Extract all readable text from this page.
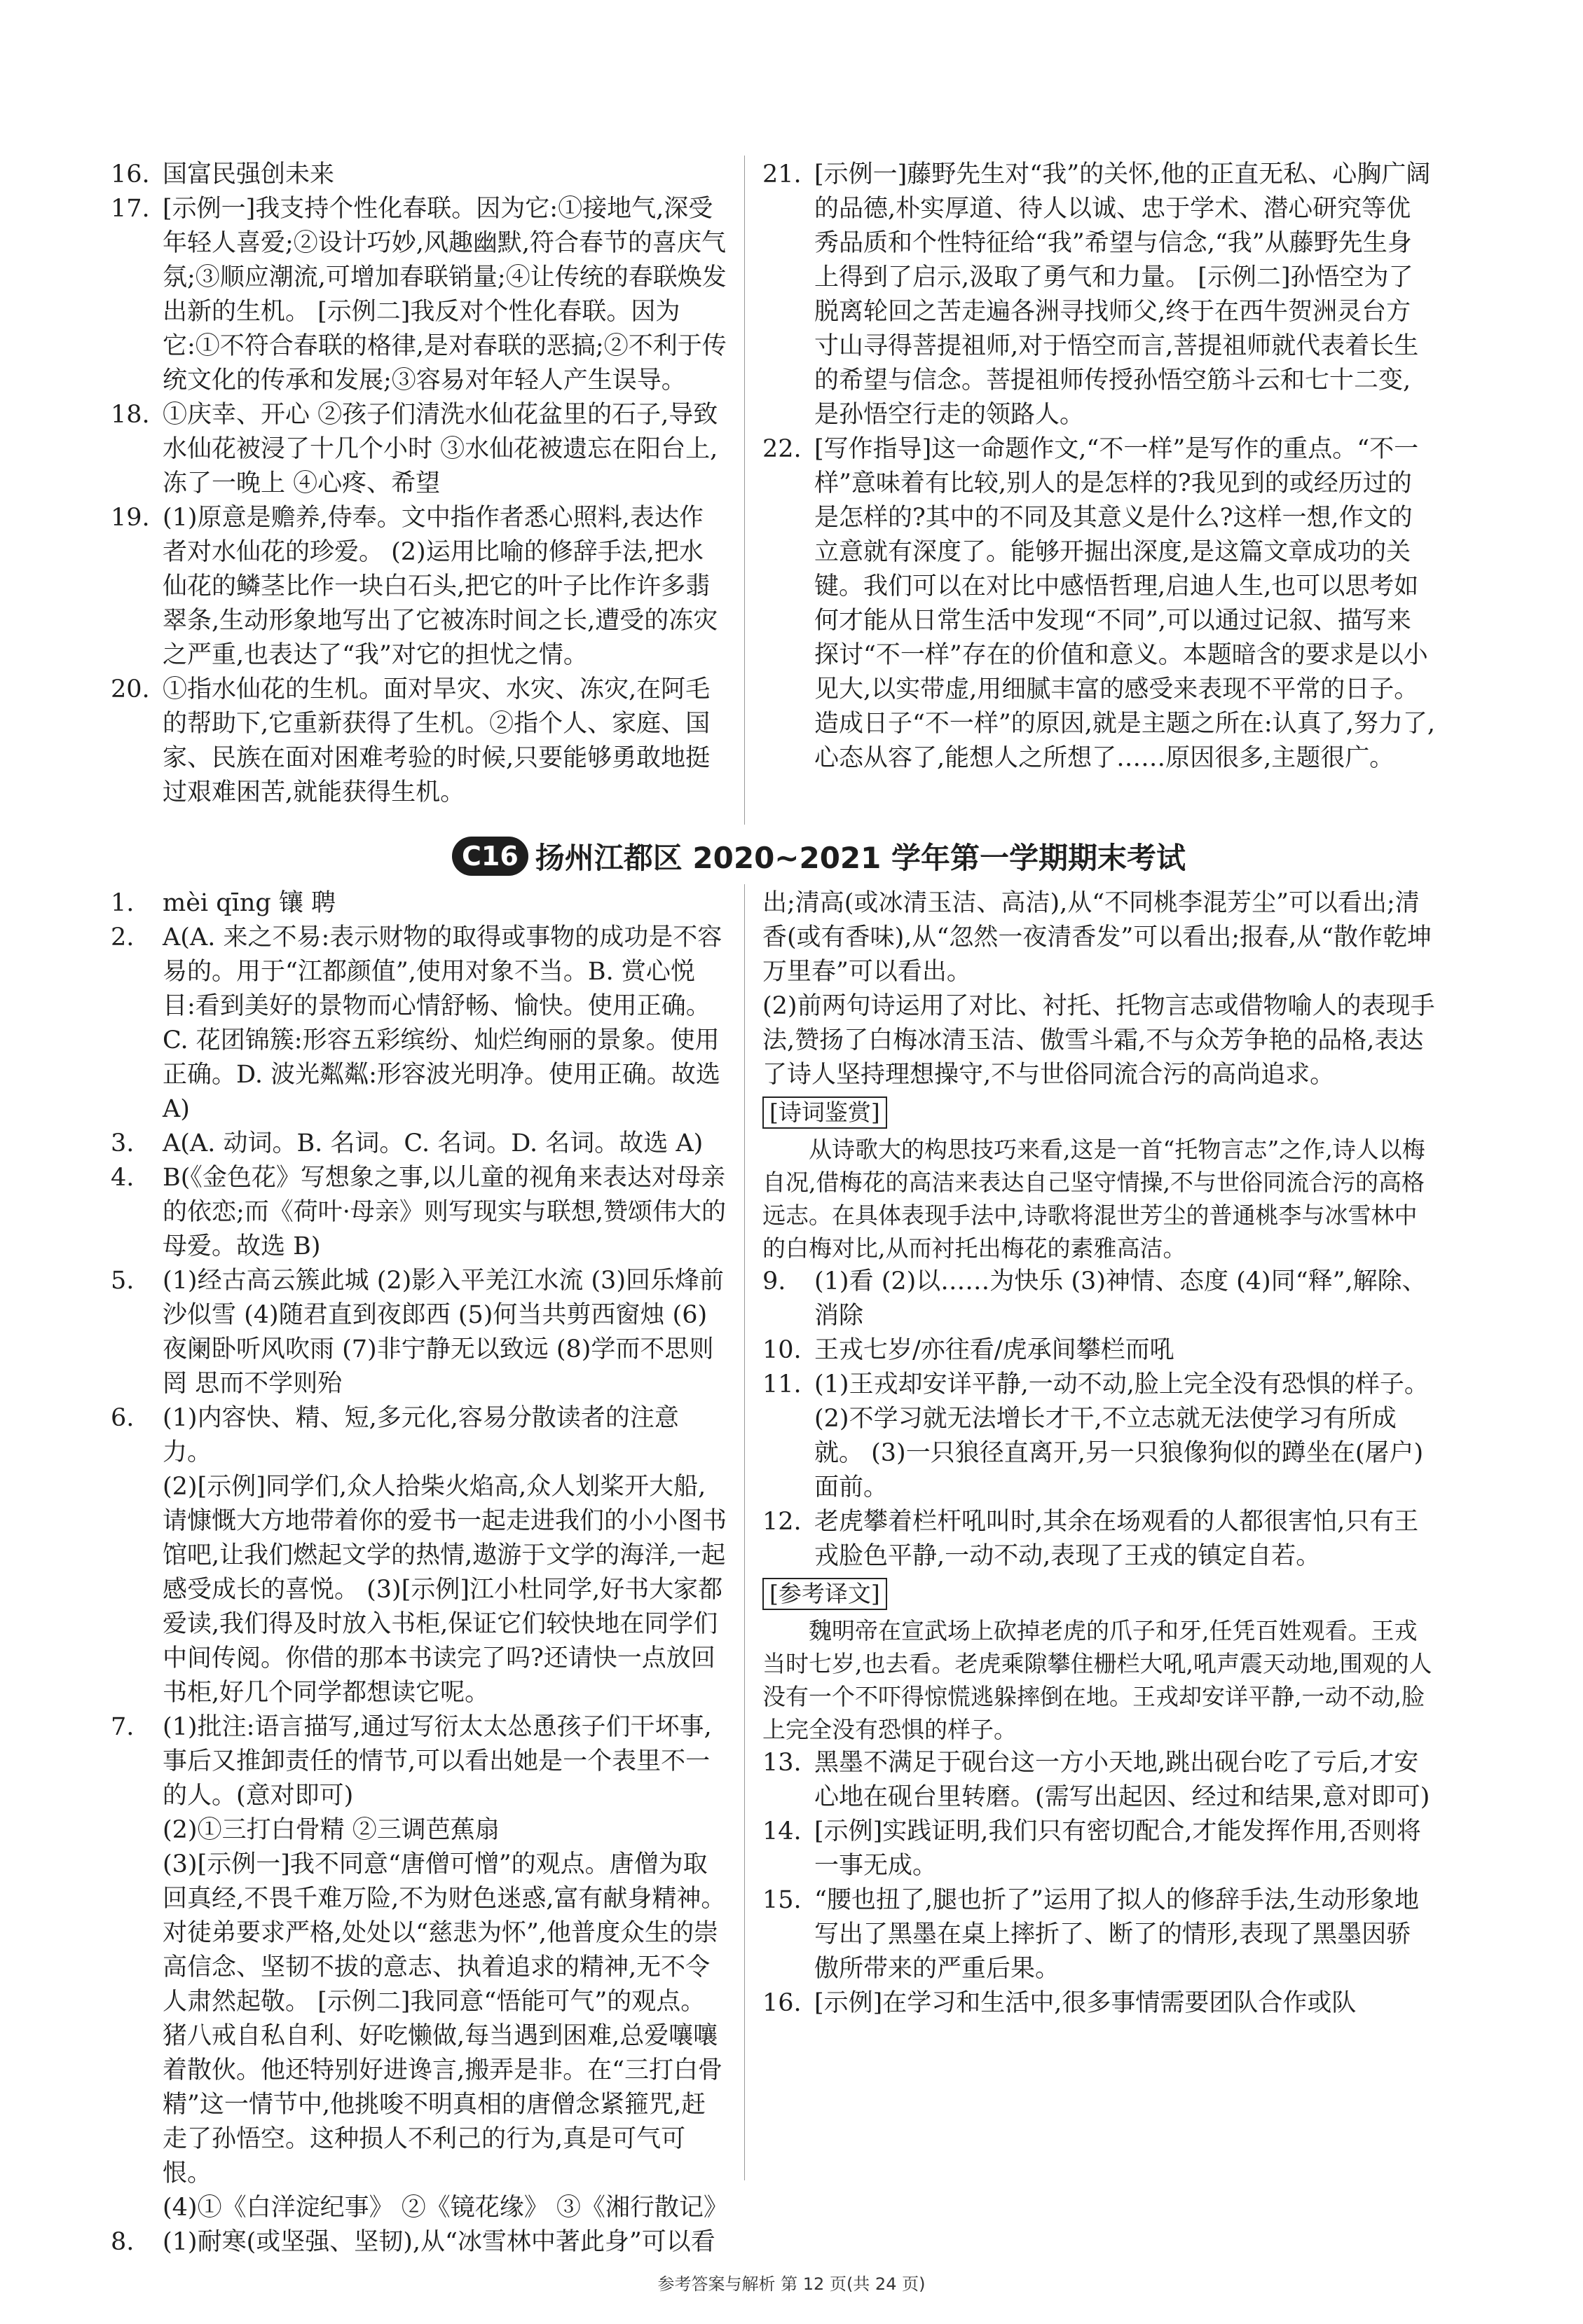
16. 国富民强创未来
17. [示例一]我支持个性化春联。因为它:①接地气,深受年轻人喜爱;②设计巧妙,风趣幽默,符合春节的喜庆气氛;③顺应潮流,可增加春联销量;④让传统的春联焕发出新的生机。 [示例二]我反对个性化春联。因为它:①不符合春联的格律,是对春联的恶搞;②不利于传统文化的传承和发展;③容易对年轻人产生误导。
18. ①庆幸、开心 ②孩子们清洗水仙花盆里的石子,导致水仙花被浸了十几个小时 ③水仙花被遗忘在阳台上,冻了一晚上 ④心疼、希望
19. (1)原意是赡养,侍奉。文中指作者悉心照料,表达作者对水仙花的珍爱。 (2)运用比喻的修辞手法,把水仙花的鳞茎比作一块白石头,把它的叶子比作许多翡翠条,生动形象地写出了它被冻时间之长,遭受的冻灾之严重,也表达了“我”对它的担忧之情。
20. ①指水仙花的生机。面对旱灾、水灾、冻灾,在阿毛的帮助下,它重新获得了生机。②指个人、家庭、国家、民族在面对困难考验的时候,只要能够勇敢地挺过艰难困苦,就能获得生机。
21. [示例一]藤野先生对“我”的关怀,他的正直无私、心胸广阔的品德,朴实厚道、待人以诚、忠于学术、潜心研究等优秀品质和个性特征给“我”希望与信念,“我”从藤野先生身上得到了启示,汲取了勇气和力量。 [示例二]孙悟空为了脱离轮回之苦走遍各洲寻找师父,终于在西牛贺洲灵台方寸山寻得菩提祖师,对于悟空而言,菩提祖师就代表着长生的希望与信念。菩提祖师传授孙悟空筋斗云和七十二变,是孙悟空行走的领路人。
22. [写作指导]这一命题作文,“不一样”是写作的重点。“不一样”意味着有比较,别人的是怎样的?我见到的或经历过的是怎样的?其中的不同及其意义是什么?这样一想,作文的立意就有深度了。能够开掘出深度,是这篇文章成功的关键。我们可以在对比中感悟哲理,启迪人生,也可以思考如何才能从日常生活中发现“不同”,可以通过记叙、描写来探讨“不一样”存在的价值和意义。本题暗含的要求是以小见大,以实带虚,用细腻丰富的感受来表现不平常的日子。造成日子“不一样”的原因,就是主题之所在:认真了,努力了,心态从容了,能想人之所想了……原因很多,主题很广。
C16 扬州江都区 2020~2021 学年第一学期期末考试
1. mèi qīng 镶 聘
2. A(A. 来之不易:表示财物的取得或事物的成功是不容易的。用于“江都颜值”,使用对象不当。B. 赏心悦目:看到美好的景物而心情舒畅、愉快。使用正确。C. 花团锦簇:形容五彩缤纷、灿烂绚丽的景象。使用正确。D. 波光粼粼:形容波光明净。使用正确。故选 A)
3. A(A. 动词。B. 名词。C. 名词。D. 名词。故选 A)
4. B(《金色花》写想象之事,以儿童的视角来表达对母亲的依恋;而《荷叶·母亲》则写现实与联想,赞颂伟大的母爱。故选 B)
5. (1)经古高云簇此城 (2)影入平羌江水流 (3)回乐烽前沙似雪 (4)随君直到夜郎西 (5)何当共剪西窗烛 (6)夜阑卧听风吹雨 (7)非宁静无以致远 (8)学而不思则罔 思而不学则殆
6. (1)内容快、精、短,多元化,容易分散读者的注意力。
(2)[示例]同学们,众人拾柴火焰高,众人划桨开大船,请慷慨大方地带着你的爱书一起走进我们的小小图书馆吧,让我们燃起文学的热情,遨游于文学的海洋,一起感受成长的喜悦。 (3)[示例]江小杜同学,好书大家都爱读,我们得及时放入书柜,保证它们较快地在同学们中间传阅。你借的那本书读完了吗?还请快一点放回书柜,好几个同学都想读它呢。
7. (1)批注:语言描写,通过写衍太太怂恿孩子们干坏事,事后又推卸责任的情节,可以看出她是一个表里不一的人。(意对即可)
(2)①三打白骨精 ②三调芭蕉扇
(3)[示例一]我不同意“唐僧可憎”的观点。唐僧为取回真经,不畏千难万险,不为财色迷惑,富有献身精神。对徒弟要求严格,处处以“慈悲为怀”,他普度众生的崇高信念、坚韧不拔的意志、执着追求的精神,无不令人肃然起敬。 [示例二]我同意“悟能可气”的观点。猪八戒自私自利、好吃懒做,每当遇到困难,总爱嚷嚷着散伙。他还特别好进谗言,搬弄是非。在“三打白骨精”这一情节中,他挑唆不明真相的唐僧念紧箍咒,赶走了孙悟空。这种损人不利己的行为,真是可气可恨。
(4)①《白洋淀纪事》 ②《镜花缘》 ③《湘行散记》
8. (1)耐寒(或坚强、坚韧),从“冰雪林中著此身”可以看

出;清高(或冰清玉洁、高洁),从“不同桃李混芳尘”可以看出;清香(或有香味),从“忽然一夜清香发”可以看出;报春,从“散作乾坤万里春”可以看出。
(2)前两句诗运用了对比、衬托、托物言志或借物喻人的表现手法,赞扬了白梅冰清玉洁、傲雪斗霜,不与众芳争艳的品格,表达了诗人坚持理想操守,不与世俗同流合污的高尚追求。

[诗词鉴赏]

从诗歌大的构思技巧来看,这是一首“托物言志”之作,诗人以梅自况,借梅花的高洁来表达自己坚守情操,不与世俗同流合污的高格远志。在具体表现手法中,诗歌将混世芳尘的普通桃李与冰雪林中的白梅对比,从而衬托出梅花的素雅高洁。

9. (1)看 (2)以……为快乐 (3)神情、态度 (4)同“释”,解除、消除
10. 王戎七岁/亦往看/虎承间攀栏而吼
11. (1)王戎却安详平静,一动不动,脸上完全没有恐惧的样子。 (2)不学习就无法增长才干,不立志就无法使学习有所成就。 (3)一只狼径直离开,另一只狼像狗似的蹲坐在(屠户)面前。
12. 老虎攀着栏杆吼叫时,其余在场观看的人都很害怕,只有王戎脸色平静,一动不动,表现了王戎的镇定自若。
[参考译文]

魏明帝在宣武场上砍掉老虎的爪子和牙,任凭百姓观看。王戎当时七岁,也去看。老虎乘隙攀住栅栏大吼,吼声震天动地,围观的人没有一个不吓得惊慌逃躲摔倒在地。王戎却安详平静,一动不动,脸上完全没有恐惧的样子。

13. 黑墨不满足于砚台这一方小天地,跳出砚台吃了亏后,才安心地在砚台里转磨。(需写出起因、经过和结果,意对即可)
14. [示例]实践证明,我们只有密切配合,才能发挥作用,否则将一事无成。
15. “腰也扭了,腿也折了”运用了拟人的修辞手法,生动形象地写出了黑墨在桌上摔折了、断了的情形,表现了黑墨因骄傲所带来的严重后果。
16. [示例]在学习和生活中,很多事情需要团队合作或队
参考答案与解析 第 12 页(共 24 页)
